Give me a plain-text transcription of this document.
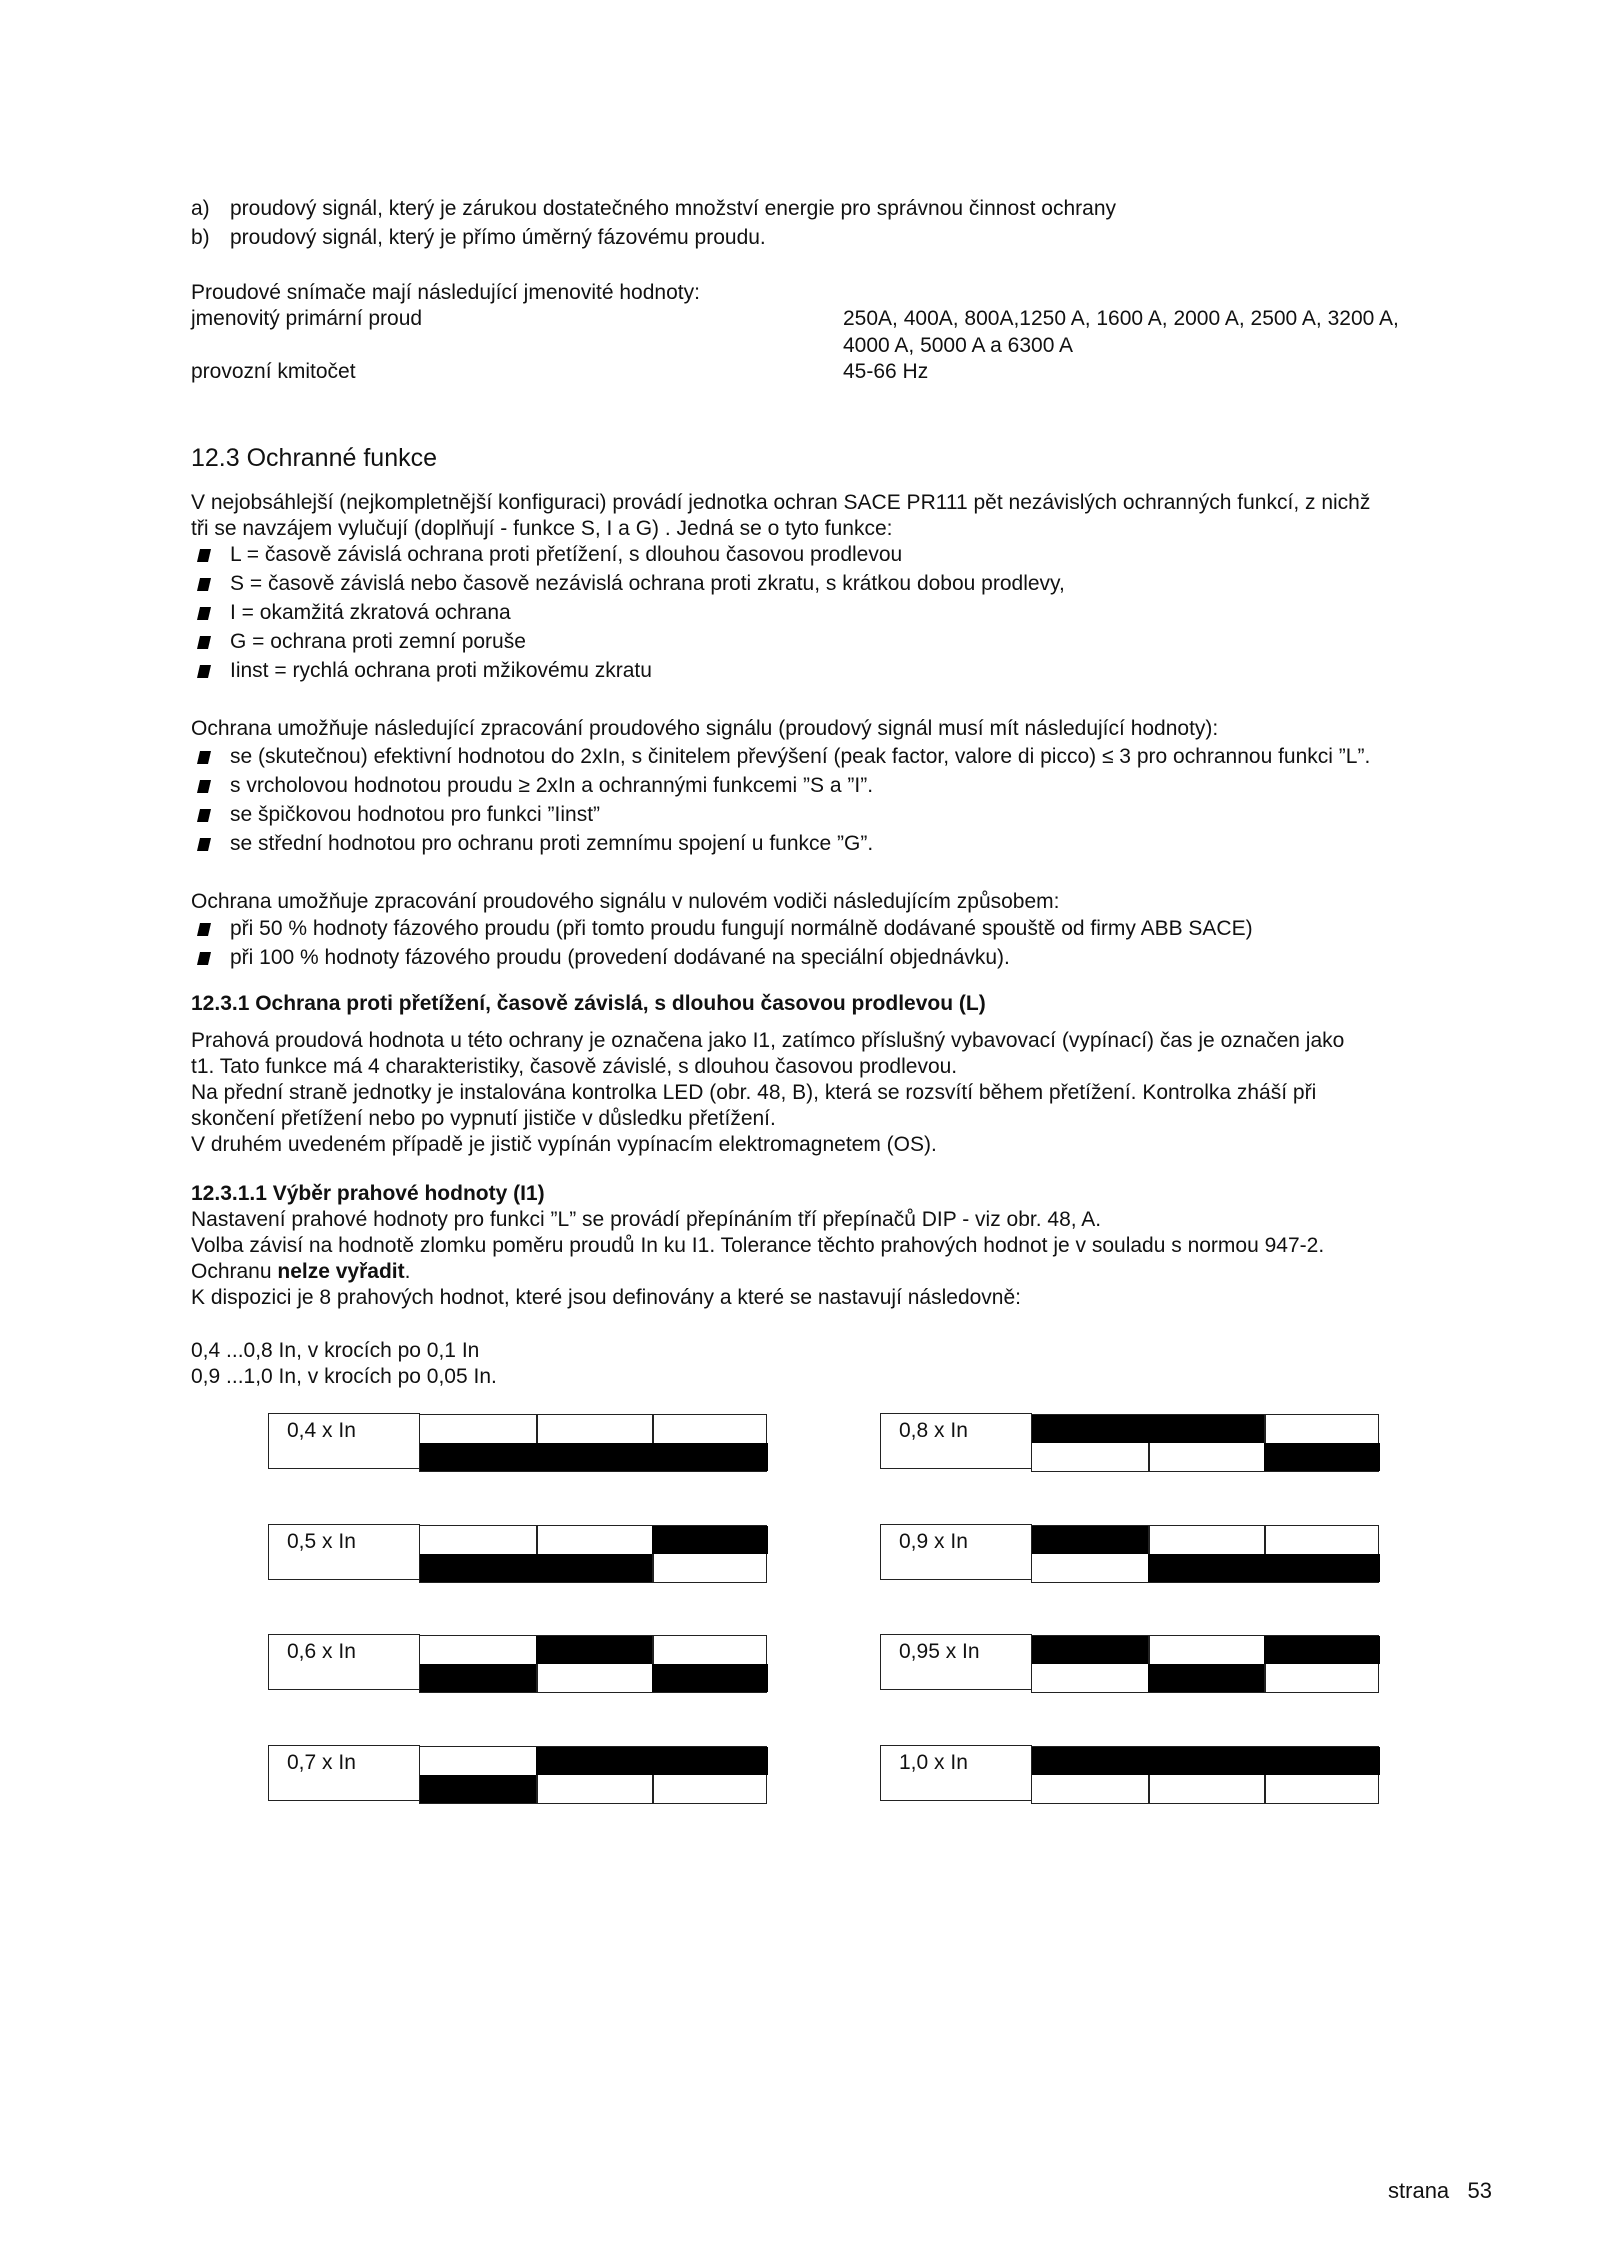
a) proudový signál, který je zárukou dostatečného množství energie pro správnou činnost ochrany
b) proudový signál, který je přímo úměrný fázovému proudu.
Proudové snímače mají následující jmenovité hodnoty:
jmenovitý primární proud	250A, 400A, 800A,1250 A, 1600 A, 2000 A, 2500 A, 3200 A,
4000 A, 5000 A a 6300 A
provozní kmitočet	45-66 Hz
12.3 Ochranné funkce
V nejobsáhlejší (nejkompletnější konfiguraci) provádí jednotka ochran SACE PR111 pět nezávislých ochranných funkcí, z nichž
tři se navzájem vylučují (doplňují - funkce S, I a G) . Jedná se o tyto funkce:
L = časově závislá ochrana proti přetížení, s dlouhou časovou prodlevou
S = časově závislá nebo časově nezávislá ochrana proti zkratu, s krátkou dobou prodlevy,
I = okamžitá zkratová ochrana
G = ochrana proti zemní poruše
Iinst = rychlá ochrana proti mžikovému zkratu
Ochrana umožňuje následující zpracování proudového signálu (proudový signál musí mít následující hodnoty):
se (skutečnou) efektivní hodnotou do 2xIn, s činitelem převýšení (peak factor, valore di picco) ≤ 3 pro ochrannou funkci ”L”.
s vrcholovou hodnotou proudu ≥ 2xIn a ochrannými funkcemi ”S a ”I”.
se špičkovou hodnotou pro funkci ”Iinst”
se střední hodnotou pro ochranu proti zemnímu spojení u funkce ”G”.
Ochrana umožňuje zpracování proudového signálu v nulovém vodiči následujícím způsobem:
při 50 % hodnoty fázového proudu (při tomto proudu fungují normálně dodávané spouště od firmy ABB SACE)
při 100 % hodnoty fázového proudu (provedení dodávané na speciální objednávku).
12.3.1 Ochrana proti přetížení, časově závislá, s dlouhou časovou prodlevou (L)
Prahová proudová hodnota u této ochrany je označena jako I1, zatímco příslušný vybavovací (vypínací) čas je označen jako
t1. Tato funkce má 4 charakteristiky, časově závislé, s dlouhou časovou prodlevou.
Na přední straně jednotky je instalována kontrolka LED (obr. 48, B), která se rozsvítí během přetížení. Kontrolka zháší při
skončení přetížení nebo po vypnutí jističe v důsledku přetížení.
V druhém uvedeném případě je jistič vypínán vypínacím elektromagnetem (OS).
12.3.1.1 Výběr prahové hodnoty (I1)
Nastavení prahové hodnoty pro funkci ”L” se provádí přepínáním tří přepínačů DIP - viz obr. 48, A.
Volba závisí na hodnotě zlomku poměru proudů In ku I1. Tolerance těchto prahových hodnot je v souladu s normou 947-2.
Ochranu nelze vyřadit.
K dispozici je 8 prahových hodnot, které jsou definovány a které se nastavují následovně:
0,4 ...0,8 In, v krocích po 0,1 In
0,9 ...1,0 In, v krocích po 0,05 In.
0,4 x In
0,5 x In
0,6 x In
0,7 x In
0,8 x In
0,9 x In
0,95 x In
1,0 x In
strana 53
